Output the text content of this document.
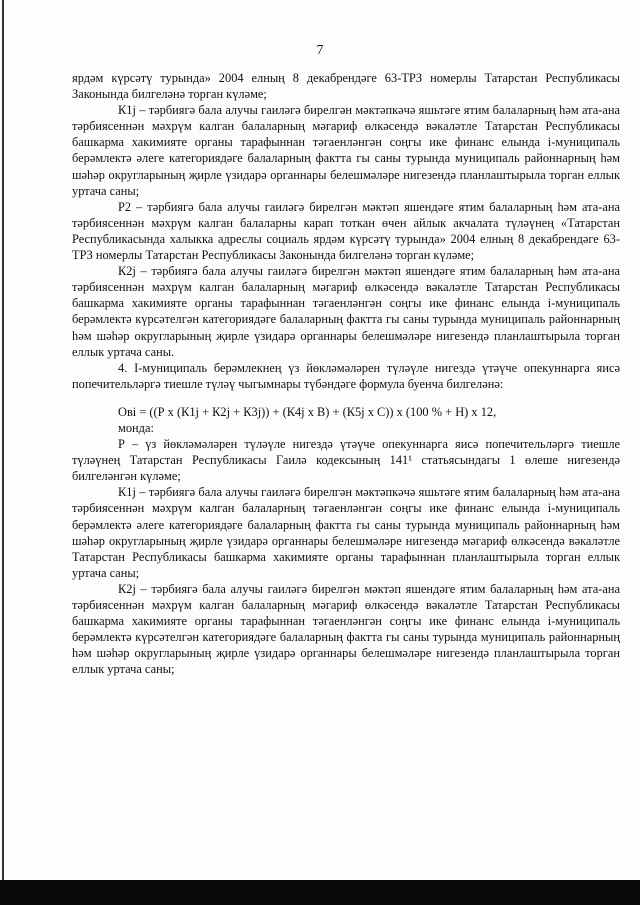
7

ярдәм күрсәтү турында» 2004 елның 8 декабрендәге 63-ТРЗ номерлы Татарстан Республикасы Законында билгеләнә торган күләме;

К1j – тәрбиягә бала алучы гаиләгә бирелгән мәктәпкәчә яшьтәге ятим балаларның һәм ата-ана тәрбиясеннән мәхрүм калган балаларның мәгариф өлкәсендә вәкаләтле Татарстан Республикасы башкарма хакимияте органы тарафыннан тәгаенләнгән соңгы ике финанс елында i-муниципаль берәмлектә әлеге категориядәге балаларның фактта гы саны турында муниципаль районнарның һәм шәһәр округларының җирле үзидарә органнары белешмәләре нигезендә планлаштырыла торган еллык уртача саны;

Р2 – тәрбиягә бала алучы гаиләгә бирелгән мәктәп яшендәге ятим балаларның һәм ата-ана тәрбиясеннән мәхрүм калган балаларны карап тоткан өчен айлык акчалата түләүнең «Татарстан Республикасында халыкка адреслы социаль ярдәм күрсәтү турында» 2004 елның 8 декабрендәге 63-ТРЗ номерлы Татарстан Республикасы Законында билгеләнә торган күләме;

К2j – тәрбиягә бала алучы гаиләгә бирелгән мәктәп яшендәге ятим балаларның һәм ата-ана тәрбиясеннән мәхрүм калган балаларның мәгариф өлкәсендә вәкаләтле Татарстан Республикасы башкарма хакимияте органы тарафыннан тәгаенләнгән соңгы ике финанс елында i-муниципаль берәмлектә күрсәтелгән категориядәге балаларның фактта гы саны турында муниципаль районнарның һәм шәһәр округларының җирле үзидарә органнары белешмәләре нигезендә планлаштырыла торган еллык уртача саны.

4. I-муниципаль берәмлекнең үз йөкләмәләрен түләүле нигездә үтәүче опекуннарга яисә попечительләргә тиешле түләү чыгымнары түбәндәге формула буенча билгеләнә:

Овi = ((Р х (К1j + К2j + К3j)) + (К4j х В) + (К5j х С)) х (100 % + Н) х 12,

монда:

Р – үз йөкләмәләрен түләүле нигездә үтәүче опекуннарга яисә попечительләргә тиешле түләүнең Татарстан Республикасы Гаилә кодексының 141¹ статьясындагы 1 өлеше нигезендә билгеләнгән күләме;

К1j – тәрбиягә бала алучы гаиләгә бирелгән мәктәпкәчә яшьтәге ятим балаларның һәм ата-ана тәрбиясеннән мәхрүм калган балаларның тәгаенләнгән соңгы ике финанс елында i-муниципаль берәмлектә әлеге категориядәге балаларның фактта гы саны турында муниципаль районнарның һәм шәһәр округларының җирле үзидарә органнары белешмәләре нигезендә мәгариф өлкәсендә вәкаләтле Татарстан Республикасы башкарма хакимияте органы тарафыннан планлаштырыла торган еллык уртача саны;

К2j – тәрбиягә бала алучы гаиләгә бирелгән мәктәп яшендәге ятим балаларның һәм ата-ана тәрбиясеннән мәхрүм калган балаларның мәгариф өлкәсендә вәкаләтле Татарстан Республикасы башкарма хакимияте органы тарафыннан тәгаенләнгән соңгы ике финанс елында i-муниципаль берәмлектә күрсәтелгән категориядәге балаларның фактта гы саны турында муниципаль районнарның һәм шәһәр округларының җирле үзидарә органнары белешмәләре нигезендә планлаштырыла торган еллык уртача саны;
